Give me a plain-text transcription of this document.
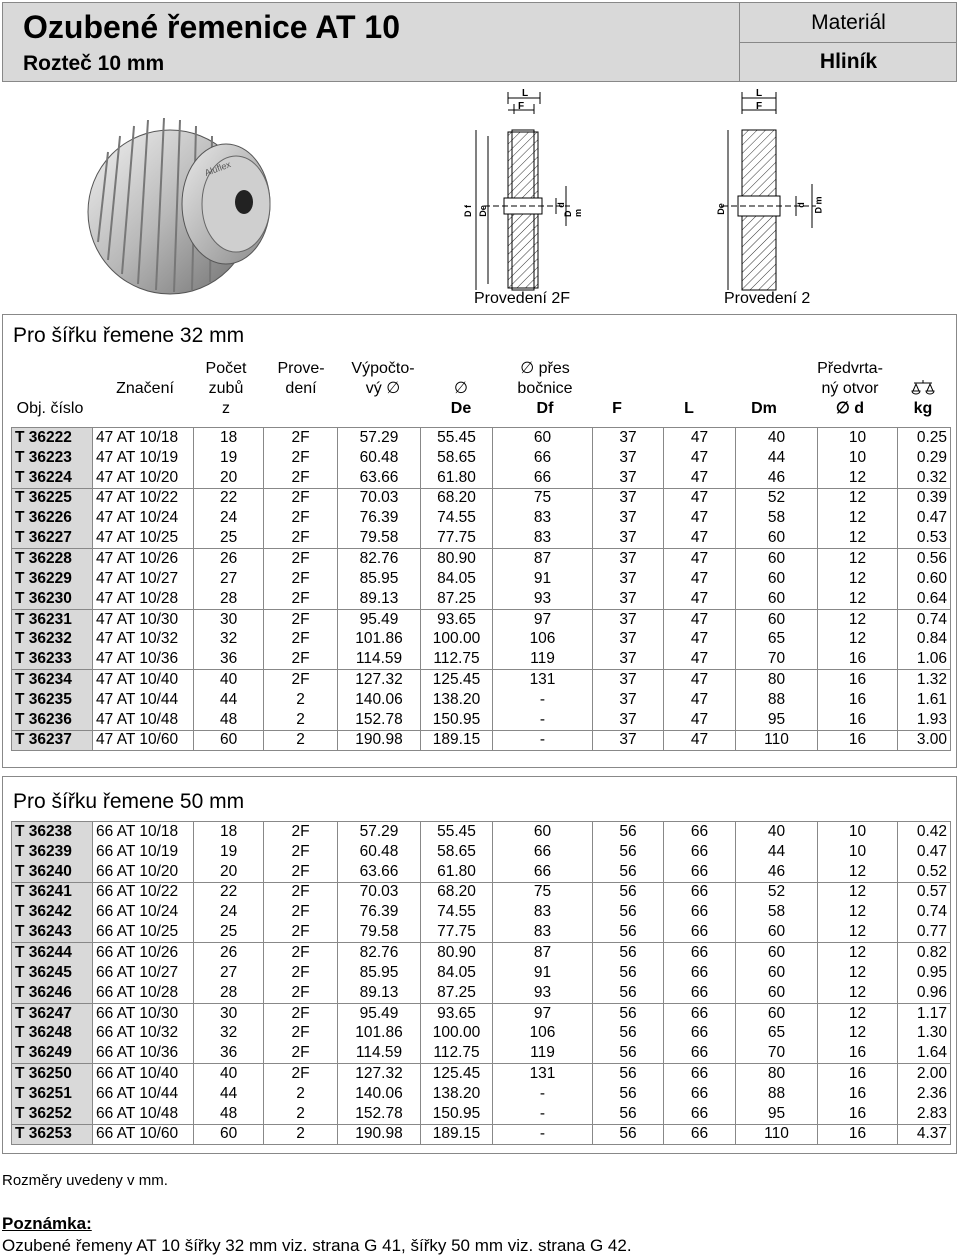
Ozubené řemenice AT 10
Rozteč 10 mm
Materiál
Hliník
Aluflex
L
F
D f De
d
D m
Provedení 2F
L
F
De	d D m
Provedení 2
Pro šířku řemene 32 mm
Obj. číslo
Značení
Počet
zubů
z
Prove-
dení
Výpočto-
vý ∅	∅
De
∅ přes
bočnice
Df	F	L	Dm
Předvrta-
ný otvor
∅ d	kg
T 36222	47 AT 10/18	18	2F	57.29	55.45	60	37	47	40	10	0.25
T 36223	47 AT 10/19	19	2F	60.48	58.65	66	37	47	44	10	0.29
T 36224	47 AT 10/20	20	2F	63.66	61.80	66	37	47	46	12	0.32
T 36225	47 AT 10/22	22	2F	70.03	68.20	75	37	47	52	12	0.39
T 36226	47 AT 10/24	24	2F	76.39	74.55	83	37	47	58	12	0.47
T 36227	47 AT 10/25	25	2F	79.58	77.75	83	37	47	60	12	0.53
T 36228	47 AT 10/26	26	2F	82.76	80.90	87	37	47	60	12	0.56
T 36229	47 AT 10/27	27	2F	85.95	84.05	91	37	47	60	12	0.60
T 36230	47 AT 10/28	28	2F	89.13	87.25	93	37	47	60	12	0.64
T 36231	47 AT 10/30	30	2F	95.49	93.65	97	37	47	60	12	0.74
T 36232	47 AT 10/32	32	2F	101.86	100.00	106	37	47	65	12	0.84
T 36233	47 AT 10/36	36	2F	114.59	112.75	119	37	47	70	16	1.06
T 36234	47 AT 10/40	40	2F	127.32	125.45	131	37	47	80	16	1.32
T 36235	47 AT 10/44	44	2	140.06	138.20	-	37	47	88	16	1.61
T 36236	47 AT 10/48	48	2	152.78	150.95	-	37	47	95	16	1.93
T 36237	47 AT 10/60	60	2	190.98	189.15	-	37	47	110	16	3.00
Pro šířku řemene 50 mm
T 36238	66 AT 10/18	18	2F	57.29	55.45	60	56	66	40	10	0.42
T 36239	66 AT 10/19	19	2F	60.48	58.65	66	56	66	44	10	0.47
T 36240	66 AT 10/20	20	2F	63.66	61.80	66	56	66	46	12	0.52
T 36241	66 AT 10/22	22	2F	70.03	68.20	75	56	66	52	12	0.57
T 36242	66 AT 10/24	24	2F	76.39	74.55	83	56	66	58	12	0.74
T 36243	66 AT 10/25	25	2F	79.58	77.75	83	56	66	60	12	0.77
T 36244	66 AT 10/26	26	2F	82.76	80.90	87	56	66	60	12	0.82
T 36245	66 AT 10/27	27	2F	85.95	84.05	91	56	66	60	12	0.95
T 36246	66 AT 10/28	28	2F	89.13	87.25	93	56	66	60	12	0.96
T 36247	66 AT 10/30	30	2F	95.49	93.65	97	56	66	60	12	1.17
T 36248	66 AT 10/32	32	2F	101.86	100.00	106	56	66	65	12	1.30
T 36249	66 AT 10/36	36	2F	114.59	112.75	119	56	66	70	16	1.64
T 36250	66 AT 10/40	40	2F	127.32	125.45	131	56	66	80	16	2.00
T 36251	66 AT 10/44	44	2	140.06	138.20	-	56	66	88	16	2.36
T 36252	66 AT 10/48	48	2	152.78	150.95	-	56	66	95	16	2.83
T 36253	66 AT 10/60	60	2	190.98	189.15	-	56	66	110	16	4.37
Rozměry uvedeny v mm.
Poznámka:
Ozubené řemeny AT 10 šířky 32 mm viz. strana G 41, šířky 50 mm viz. strana G 42.
